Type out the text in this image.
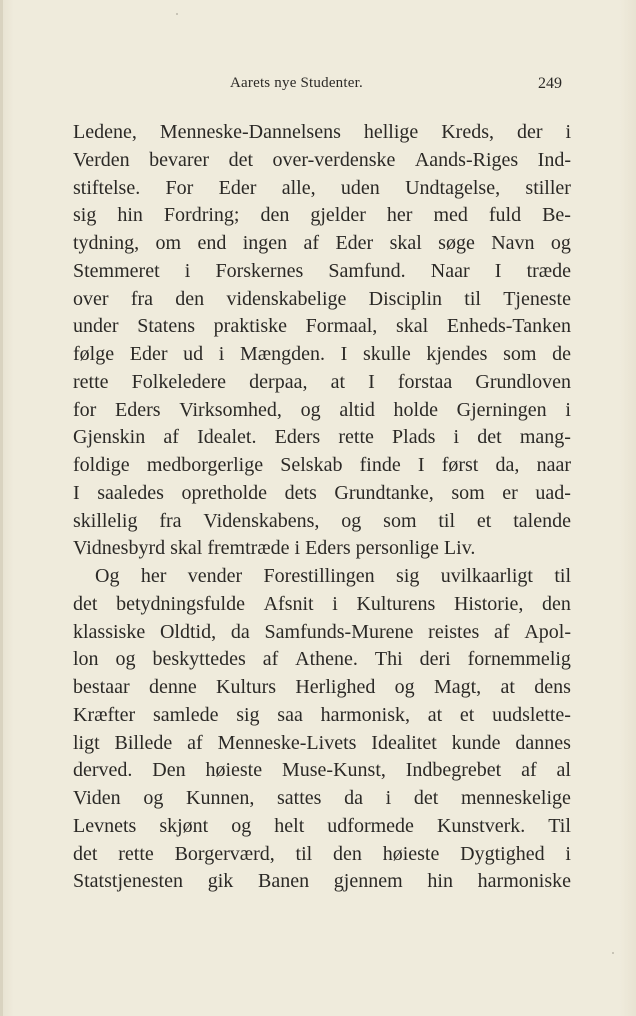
Aarets nye Studenter.	249
Ledene, Menneske-Dannelsens hellige Kreds, der i
Verden bevarer det over-verdenske Aands-Riges Ind-
stiftelse. For Eder alle, uden Undtagelse, stiller
sig hin Fordring; den gjelder her med fuld Be-
tydning, om end ingen af Eder skal søge Navn og
Stemmeret i Forskernes Samfund. Naar I træde
over fra den videnskabelige Disciplin til Tjeneste
under Statens praktiske Formaal, skal Enheds-Tanken
følge Eder ud i Mængden. I skulle kjendes som de
rette Folkeledere derpaa, at I forstaa Grundloven
for Eders Virksomhed, og altid holde Gjerningen i
Gjenskin af Idealet. Eders rette Plads i det mang-
foldige medborgerlige Selskab finde I først da, naar
I saaledes opretholde dets Grundtanke, som er uad-
skillelig fra Videnskabens, og som til et talende
Vidnesbyrd skal fremtræde i Eders personlige Liv.
Og her vender Forestillingen sig uvilkaarligt til
det betydningsfulde Afsnit i Kulturens Historie, den
klassiske Oldtid, da Samfunds-Murene reistes af Apol-
lon og beskyttedes af Athene. Thi deri fornemmelig
bestaar denne Kulturs Herlighed og Magt, at dens
Kræfter samlede sig saa harmonisk, at et uudslette-
ligt Billede af Menneske-Livets Idealitet kunde dannes
derved. Den høieste Muse-Kunst, Indbegrebet af al
Viden og Kunnen, sattes da i det menneskelige
Levnets skjønt og helt udformede Kunstverk. Til
det rette Borgerværd, til den høieste Dygtighed i
Statstjenesten gik Banen gjennem hin harmoniske
